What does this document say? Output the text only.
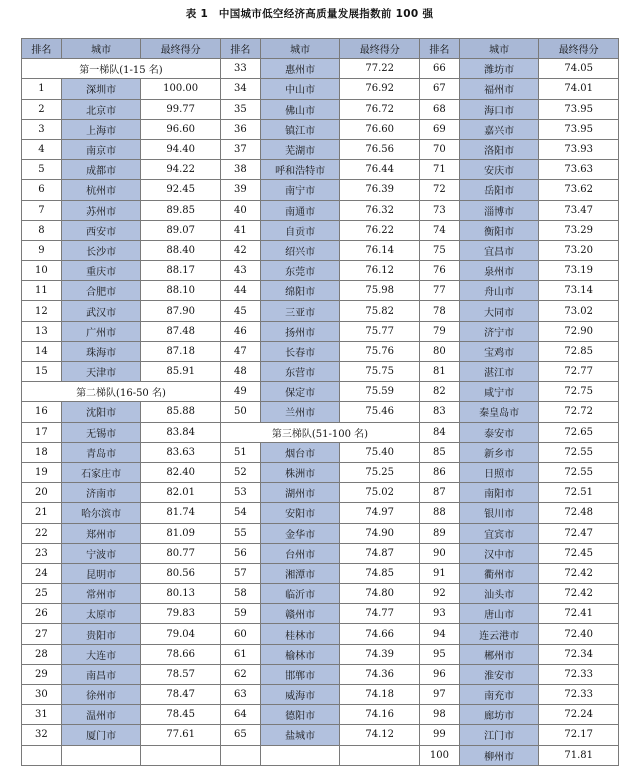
表 1　中国城市低空经济高质量发展指数前 100 强
排名	城市	最终得分	排名	城市	最终得分	排名	城市	最终得分
第一梯队(1-15 名)			33	惠州市	77.22	66	潍坊市	74.05
1	深圳市	100.00	34	中山市	76.92	67	福州市	74.01
2	北京市	99.77	35	佛山市	76.72	68	海口市	73.95
3	上海市	96.60	36	镇江市	76.60	69	嘉兴市	73.95
4	南京市	94.40	37	芜湖市	76.56	70	洛阳市	73.93
5	成都市	94.22	38	呼和浩特市	76.44	71	安庆市	73.63
6	杭州市	92.45	39	南宁市	76.39	72	岳阳市	73.62
7	苏州市	89.85	40	南通市	76.32	73	淄博市	73.47
8	西安市	89.07	41	自贡市	76.22	74	衡阳市	73.29
9	长沙市	88.40	42	绍兴市	76.14	75	宜昌市	73.20
10	重庆市	88.17	43	东莞市	76.12	76	泉州市	73.19
11	合肥市	88.10	44	绵阳市	75.98	77	舟山市	73.14
12	武汉市	87.90	45	三亚市	75.82	78	大同市	73.02
13	广州市	87.48	46	扬州市	75.77	79	济宁市	72.90
14	珠海市	87.18	47	长春市	75.76	80	宝鸡市	72.85
15	天津市	85.91	48	东营市	75.75	81	湛江市	72.77
第二梯队(16-50 名)			49	保定市	75.59	82	咸宁市	72.75
16	沈阳市	85.88	50	兰州市	75.46	83	秦皇岛市	72.72
17	无锡市	83.84	第三梯队(51-100 名)			84	泰安市	72.65
18	青岛市	83.63	51	烟台市	75.40	85	新乡市	72.55
19	石家庄市	82.40	52	株洲市	75.25	86	日照市	72.55
20	济南市	82.01	53	湖州市	75.02	87	南阳市	72.51
21	哈尔滨市	81.74	54	安阳市	74.97	88	银川市	72.48
22	郑州市	81.09	55	金华市	74.90	89	宜宾市	72.47
23	宁波市	80.77	56	台州市	74.87	90	汉中市	72.45
24	昆明市	80.56	57	湘潭市	74.85	91	衢州市	72.42
25	常州市	80.13	58	临沂市	74.80	92	汕头市	72.42
26	太原市	79.83	59	赣州市	74.77	93	唐山市	72.41
27	贵阳市	79.04	60	桂林市	74.66	94	连云港市	72.40
28	大连市	78.66	61	榆林市	74.39	95	郴州市	72.34
29	南昌市	78.57	62	邯郸市	74.36	96	淮安市	72.33
30	徐州市	78.47	63	威海市	74.18	97	南充市	72.33
31	温州市	78.45	64	德阳市	74.16	98	廊坊市	72.24
32	厦门市	77.61	65	盐城市	74.12	99	江门市	72.17
						100	柳州市	71.81
